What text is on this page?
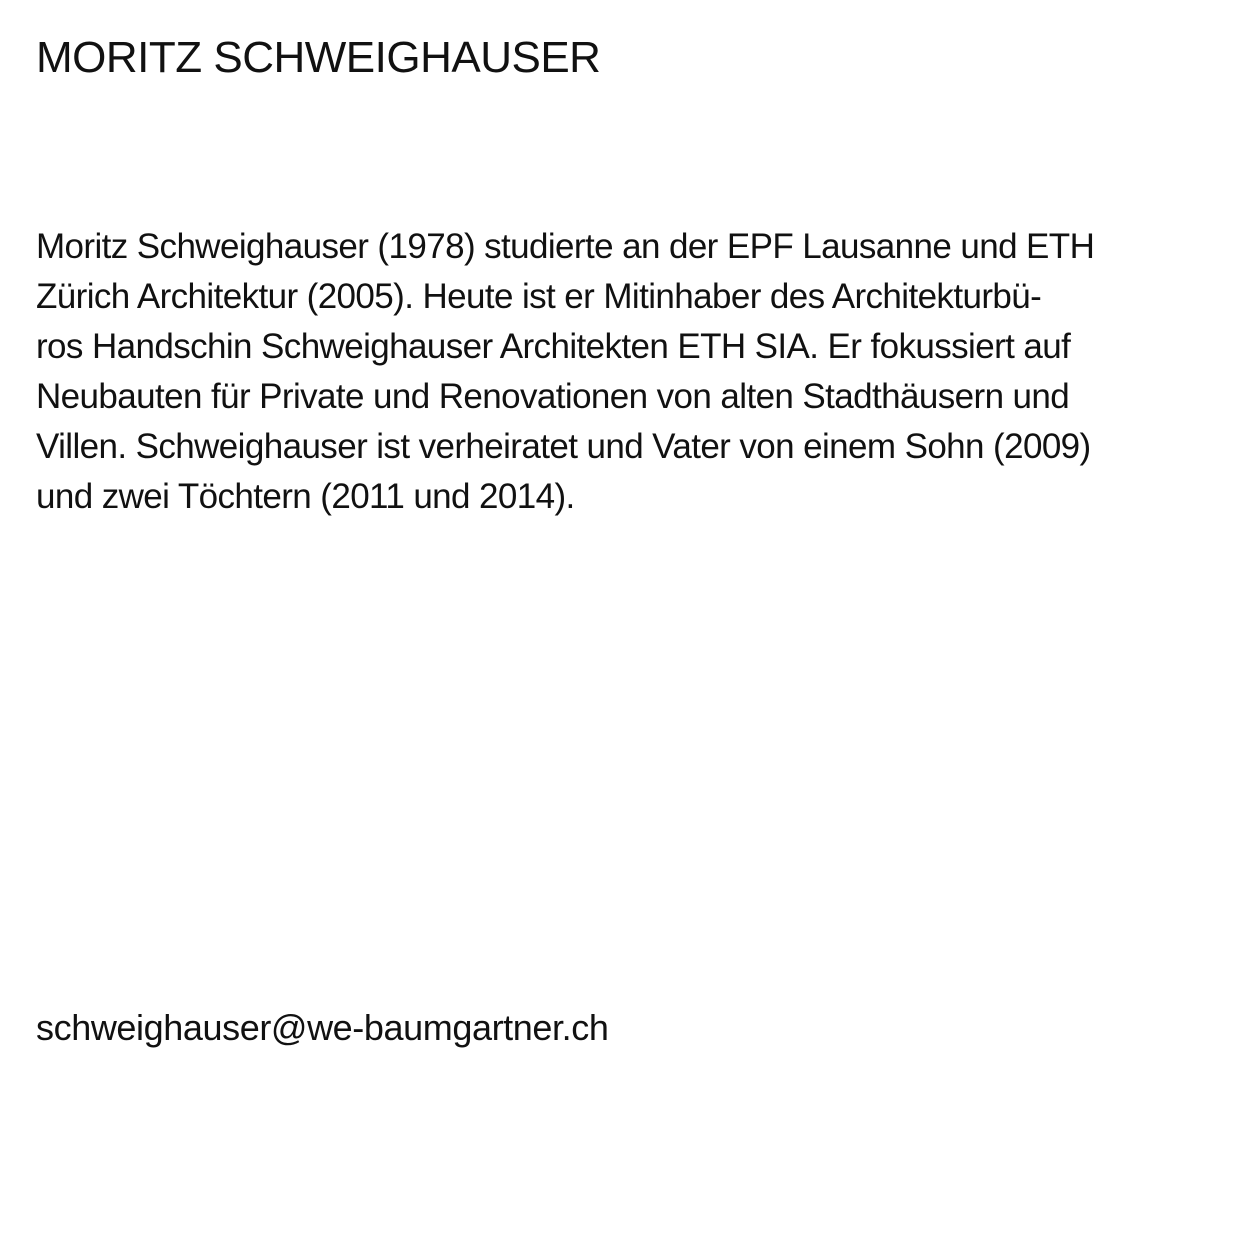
MORITZ SCHWEIGHAUSER

Moritz Schweighauser (1978) studierte an der EPF Lausanne und ETH
Zürich Architektur (2005). Heute ist er Mitinhaber des Architekturbü-
ros Handschin Schweighauser Architekten ETH SIA. Er fokussiert auf
Neubauten für Private und Renovationen von alten Stadthäusern und
Villen. Schweighauser ist verheiratet und Vater von einem Sohn (2009)
und zwei Töchtern (2011 und 2014).

schweighauser@we-baumgartner.ch
